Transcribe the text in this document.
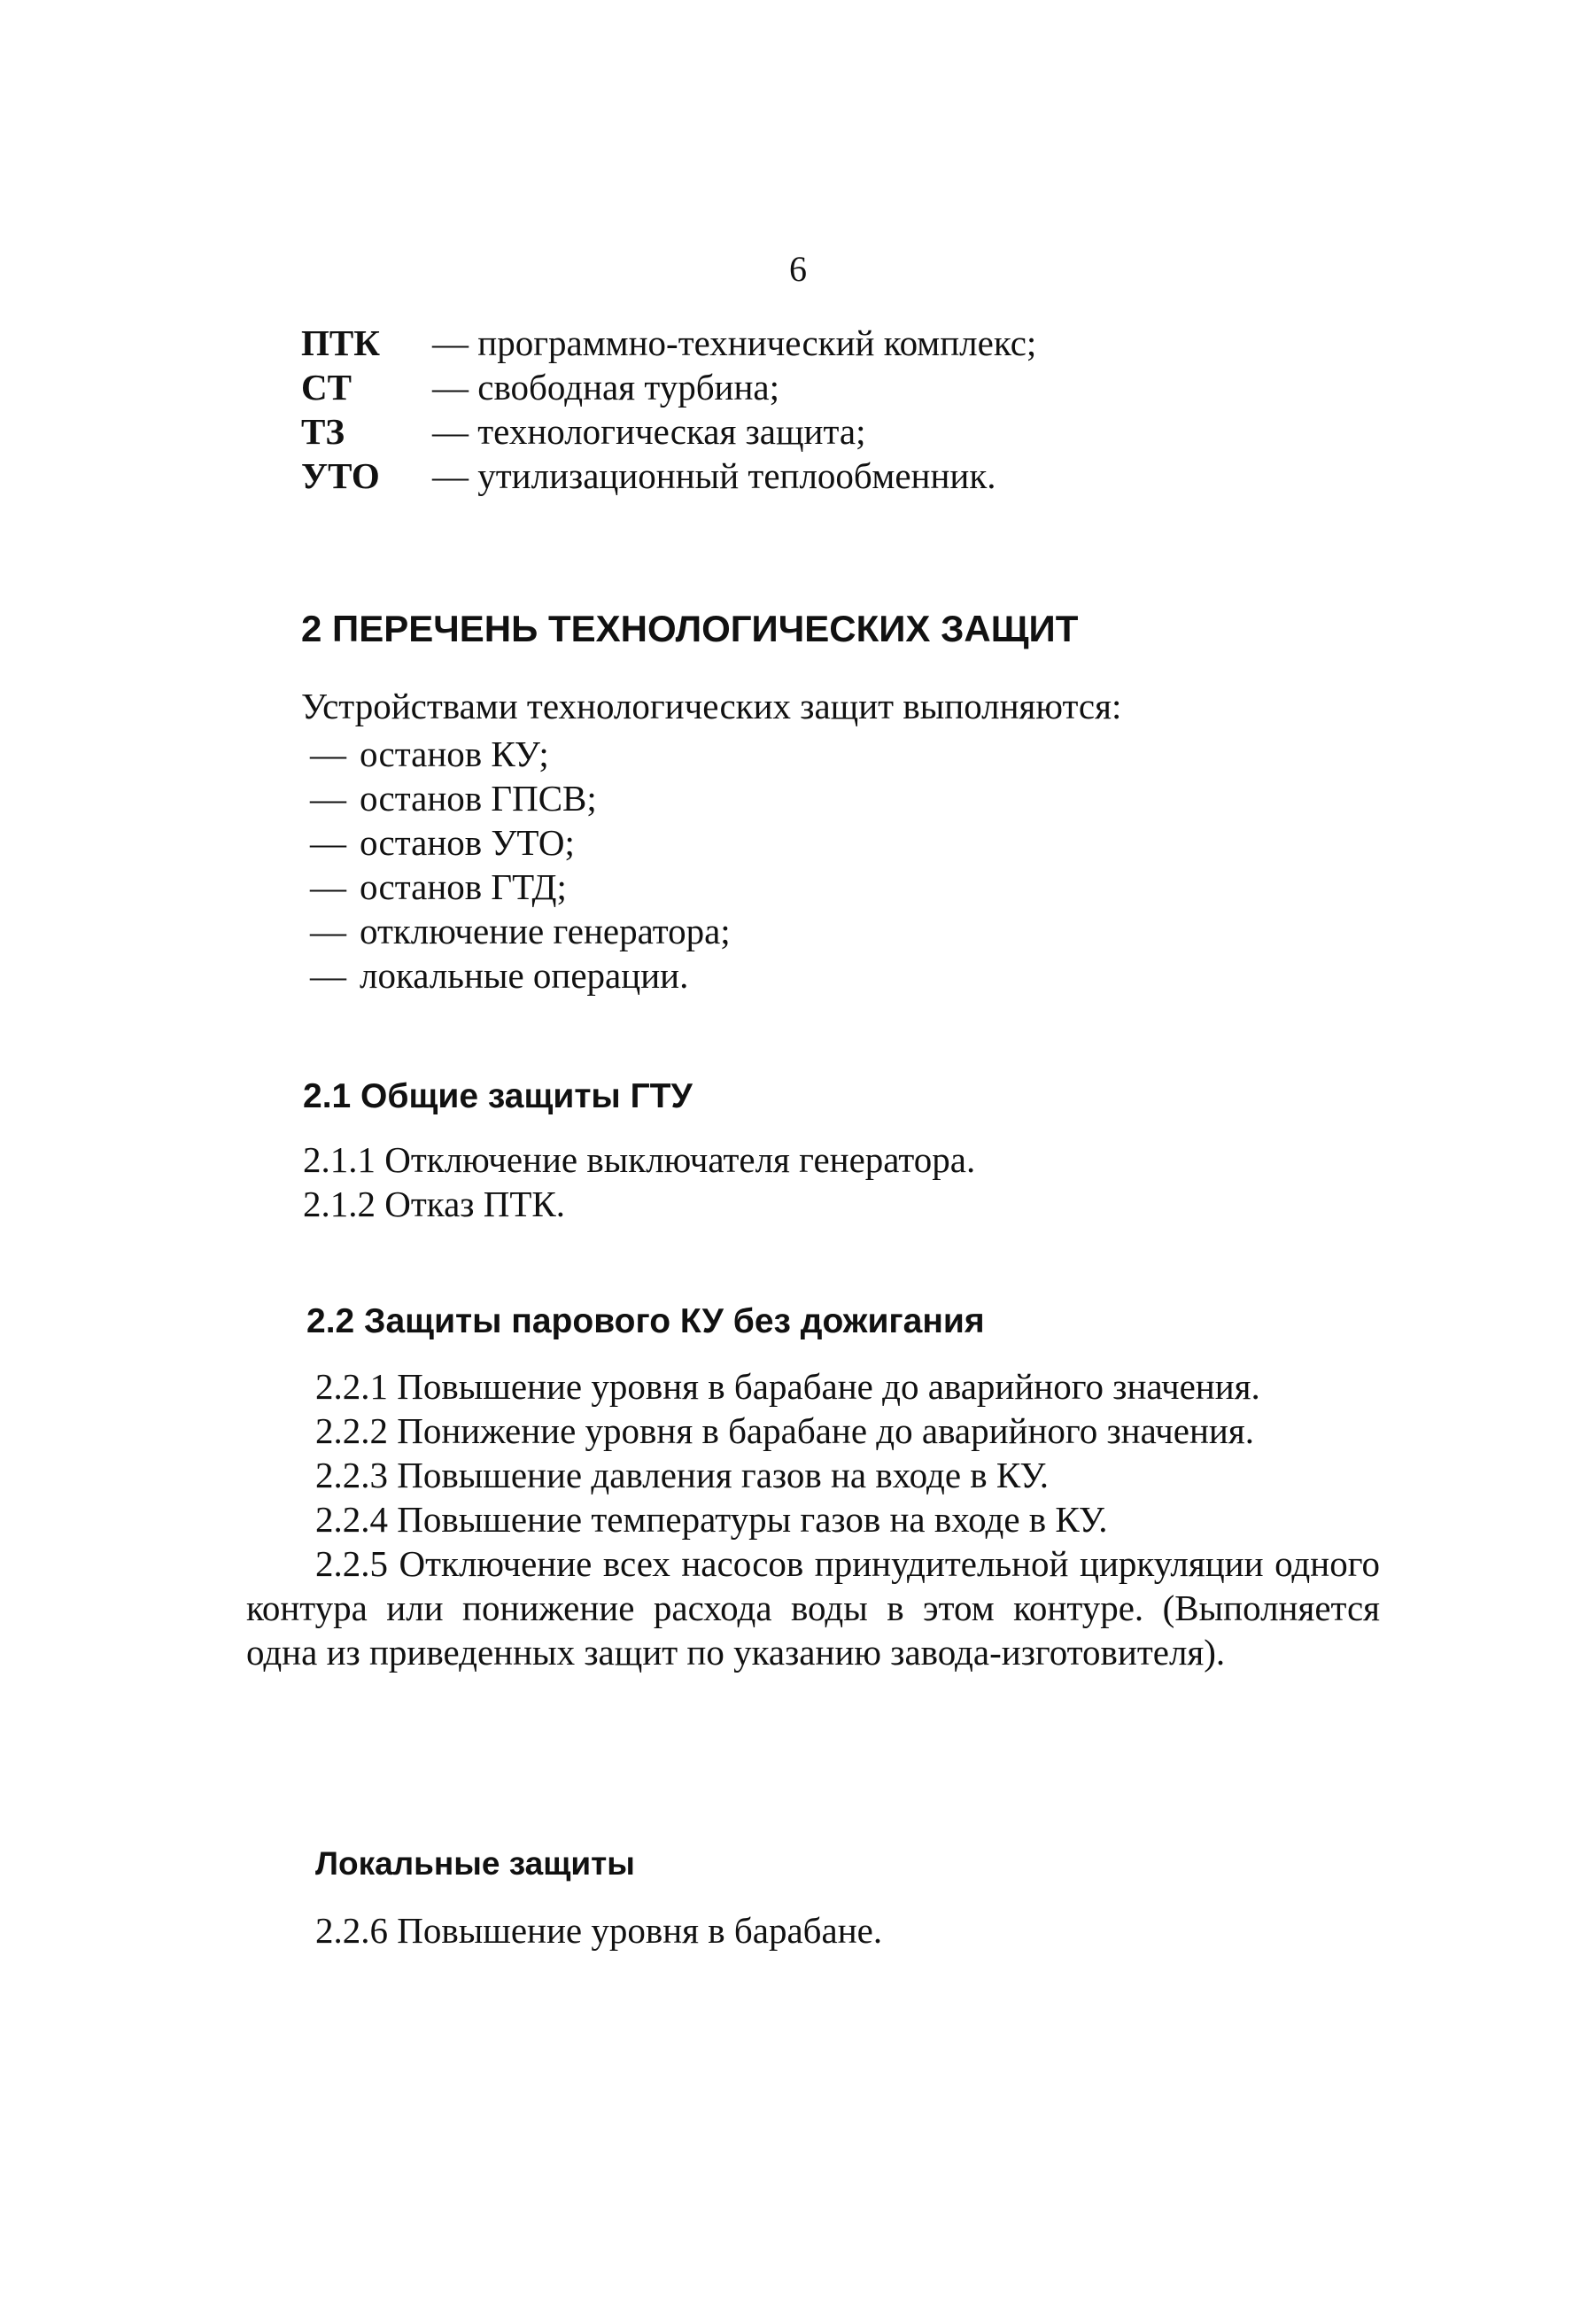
6
ПТК — программно-технический комплекс;
СТ — свободная турбина;
ТЗ — технологическая защита;
УТО — утилизационный теплообменник.
2 ПЕРЕЧЕНЬ ТЕХНОЛОГИЧЕСКИХ ЗАЩИТ
Устройствами технологических защит выполняются:
— останов КУ;
— останов ГПСВ;
— останов УТО;
— останов ГТД;
— отключение генератора;
— локальные операции.
2.1 Общие защиты ГТУ
2.1.1 Отключение выключателя генератора.
2.1.2 Отказ ПТК.
2.2 Защиты парового КУ без дожигания

2.2.1 Повышение уровня в барабане до аварийного значения.

2.2.2 Понижение уровня в барабане до аварийного значения.

2.2.3 Повышение давления газов на входе в КУ.

2.2.4 Повышение температуры газов на входе в КУ.

2.2.5 Отключение всех насосов принудительной циркуляции одного контура или понижение расхода воды в этом контуре. (Выполняется одна из приведенных защит по указанию завода-изготовителя).

Локальные защиты
2.2.6 Повышение уровня в барабане.
